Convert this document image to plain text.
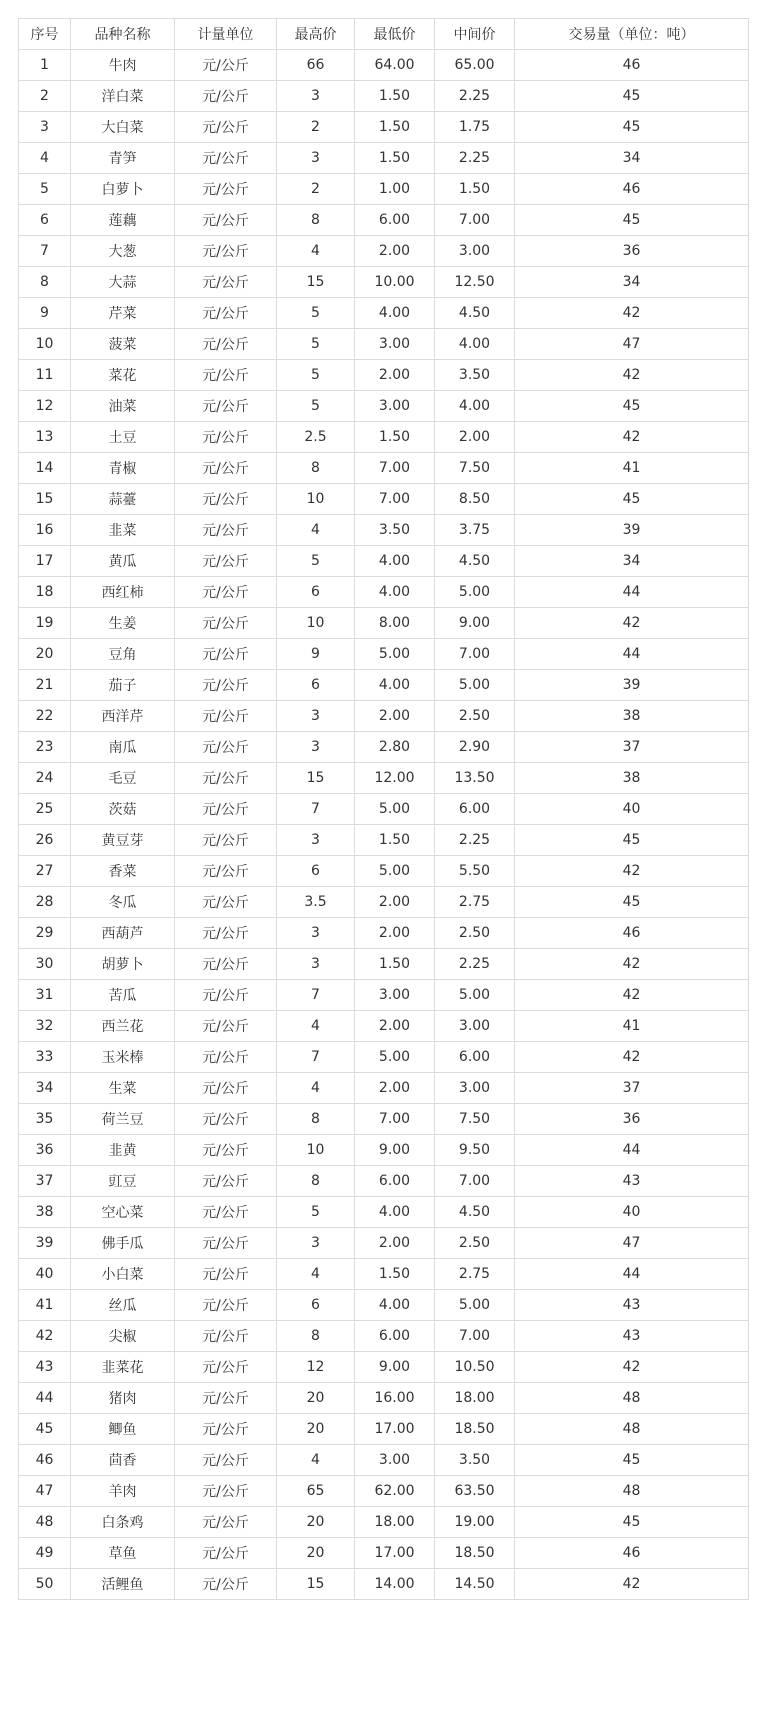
序号	品种名称	计量单位	最高价	最低价	中间价	交易量（单位：吨）
1	牛肉	元/公斤	66	64.00	65.00	46
2	洋白菜	元/公斤	3	1.50	2.25	45
3	大白菜	元/公斤	2	1.50	1.75	45
4	青笋	元/公斤	3	1.50	2.25	34
5	白萝卜	元/公斤	2	1.00	1.50	46
6	莲藕	元/公斤	8	6.00	7.00	45
7	大葱	元/公斤	4	2.00	3.00	36
8	大蒜	元/公斤	15	10.00	12.50	34
9	芹菜	元/公斤	5	4.00	4.50	42
10	菠菜	元/公斤	5	3.00	4.00	47
11	菜花	元/公斤	5	2.00	3.50	42
12	油菜	元/公斤	5	3.00	4.00	45
13	土豆	元/公斤	2.5	1.50	2.00	42
14	青椒	元/公斤	8	7.00	7.50	41
15	蒜薹	元/公斤	10	7.00	8.50	45
16	韭菜	元/公斤	4	3.50	3.75	39
17	黄瓜	元/公斤	5	4.00	4.50	34
18	西红柿	元/公斤	6	4.00	5.00	44
19	生姜	元/公斤	10	8.00	9.00	42
20	豆角	元/公斤	9	5.00	7.00	44
21	茄子	元/公斤	6	4.00	5.00	39
22	西洋芹	元/公斤	3	2.00	2.50	38
23	南瓜	元/公斤	3	2.80	2.90	37
24	毛豆	元/公斤	15	12.00	13.50	38
25	茨菇	元/公斤	7	5.00	6.00	40
26	黄豆芽	元/公斤	3	1.50	2.25	45
27	香菜	元/公斤	6	5.00	5.50	42
28	冬瓜	元/公斤	3.5	2.00	2.75	45
29	西葫芦	元/公斤	3	2.00	2.50	46
30	胡萝卜	元/公斤	3	1.50	2.25	42
31	苦瓜	元/公斤	7	3.00	5.00	42
32	西兰花	元/公斤	4	2.00	3.00	41
33	玉米棒	元/公斤	7	5.00	6.00	42
34	生菜	元/公斤	4	2.00	3.00	37
35	荷兰豆	元/公斤	8	7.00	7.50	36
36	韭黄	元/公斤	10	9.00	9.50	44
37	豇豆	元/公斤	8	6.00	7.00	43
38	空心菜	元/公斤	5	4.00	4.50	40
39	佛手瓜	元/公斤	3	2.00	2.50	47
40	小白菜	元/公斤	4	1.50	2.75	44
41	丝瓜	元/公斤	6	4.00	5.00	43
42	尖椒	元/公斤	8	6.00	7.00	43
43	韭菜花	元/公斤	12	9.00	10.50	42
44	猪肉	元/公斤	20	16.00	18.00	48
45	鲫鱼	元/公斤	20	17.00	18.50	48
46	茴香	元/公斤	4	3.00	3.50	45
47	羊肉	元/公斤	65	62.00	63.50	48
48	白条鸡	元/公斤	20	18.00	19.00	45
49	草鱼	元/公斤	20	17.00	18.50	46
50	活鲤鱼	元/公斤	15	14.00	14.50	42
